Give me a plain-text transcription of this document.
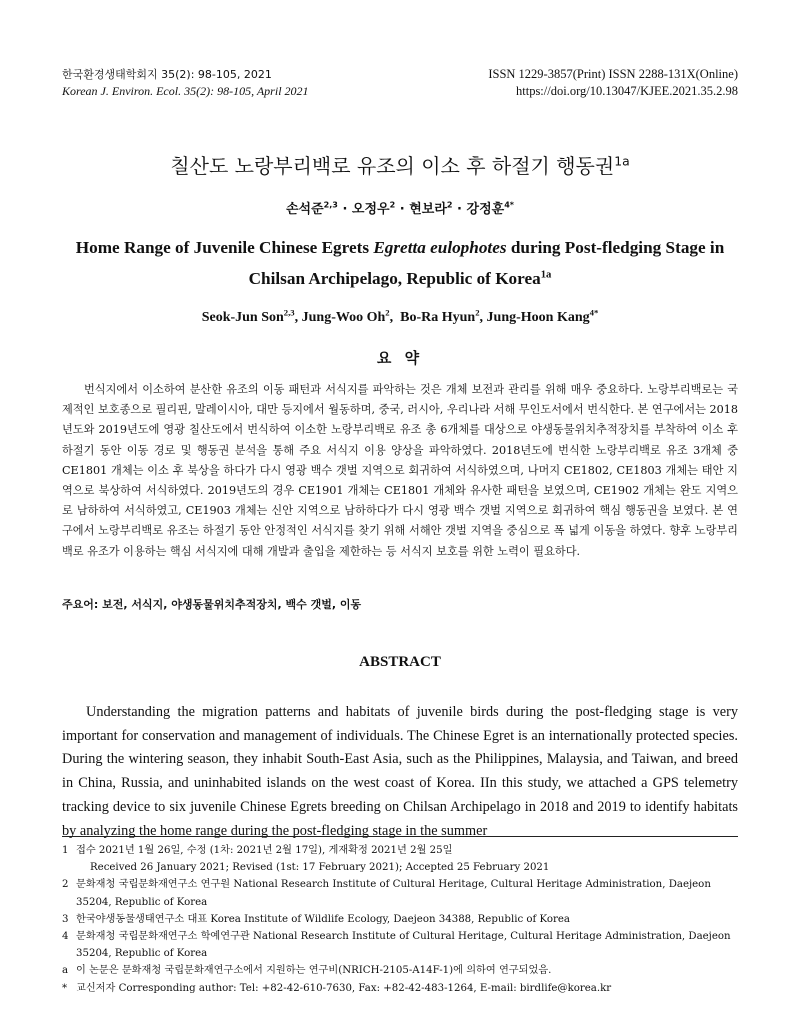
한국환경생태학회지 35(2): 98-105, 2021
Korean J. Environ. Ecol. 35(2): 98-105, April 2021
ISSN 1229-3857(Print) ISSN 2288-131X(Online)
https://doi.org/10.13047/KJEE.2021.35.2.98
칠산도 노랑부리백로 유조의 이소 후 하절기 행동권$^{1a}$
손석준$^{2,3}$ · 오정우$^2$ · 현보라$^2$ · 강정훈$^{4*}$
Home Range of Juvenile Chinese Egrets Egretta eulophotes during Post-fledging Stage in Chilsan Archipelago, Republic of Korea$^{1a}$
Seok-Jun Son$^{2,3}$, Jung-Woo Oh$^2$,  Bo-Ra Hyun$^2$, Jung-Hoon Kang$^{4*}$
요 약

번식지에서 이소하여 분산한 유조의 이동 패턴과 서식지를 파악하는 것은 개체 보전과 관리를 위해 매우 중요하다. 노랑부리백로는 국제적인 보호종으로 필리핀, 말레이시아, 대만 등지에서 월동하며, 중국, 러시아, 우리나라 서해 무인도서에서 번식한다. 본 연구에서는 2018년도와 2019년도에 영광 칠산도에서 번식하여 이소한 노랑부리백로 유조 총 6개체를 대상으로 야생동물위치추적장치를 부착하여 이소 후 하절기 동안 이동 경로 및 행동권 분석을 통해 주요 서식지 이용 양상을 파악하였다. 2018년도에 번식한 노랑부리백로 유조 3개체 중 CE1801 개체는 이소 후 북상을 하다가 다시 영광 백수 갯벌 지역으로 회귀하여 서식하였으며, 나머지 CE1802, CE1803 개체는 태안 지역으로 북상하여 서식하였다. 2019년도의 경우 CE1901 개체는 CE1801 개체와 유사한 패턴을 보였으며, CE1902 개체는 완도 지역으로 남하하여 서식하였고, CE1903 개체는 신안 지역으로 남하하다가 다시 영광 백수 갯벌 지역으로 회귀하여 핵심 행동권을 보였다. 본 연구에서 노랑부리백로 유조는 하절기 동안 안정적인 서식지를 찾기 위해 서해안 갯벌 지역을 중심으로 폭 넓게 이동을 하였다. 향후 노랑부리백로 유조가 이용하는 핵심 서식지에 대해 개발과 출입을 제한하는 등 서식지 보호를 위한 노력이 필요하다.

주요어: 보전, 서식지, 야생동물위치추적장치, 백수 갯벌, 이동
ABSTRACT

Understanding the migration patterns and habitats of juvenile birds during the post-fledging stage is very important for conservation and management of individuals. The Chinese Egret is an internationally protected species. During the wintering season, they inhabit South-East Asia, such as the Philippines, Malaysia, and Taiwan, and breed in China, Russia, and uninhabited islands on the west coast of Korea. IIn this study, we attached a GPS telemetry tracking device to six juvenile Chinese Egrets breeding on Chilsan Archipelago in 2018 and 2019 to identify habitats by analyzing the home range during the post-fledging stage in the summer

1 접수 2021년 1월 26일, 수정 (1차: 2021년 2월 17일), 게재확정 2021년 2월 25일
Received 26 January 2021; Revised (1st: 17 February 2021); Accepted 25 February 2021
2 문화재청 국립문화재연구소 연구원 National Research Institute of Cultural Heritage, Cultural Heritage Administration, Daejeon 35204, Republic of Korea
3 한국야생동물생태연구소 대표 Korea Institute of Wildlife Ecology, Daejeon 34388, Republic of Korea
4 문화재청 국립문화재연구소 학예연구관 National Research Institute of Cultural Heritage, Cultural Heritage Administration, Daejeon 35204, Republic of Korea
a 이 논문은 문화재청 국립문화재연구소에서 지원하는 연구비(NRICH-2105-A14F-1)에 의하여 연구되었음.
* 교신저자 Corresponding author: Tel: +82-42-610-7630, Fax: +82-42-483-1264, E-mail: birdlife@korea.kr
